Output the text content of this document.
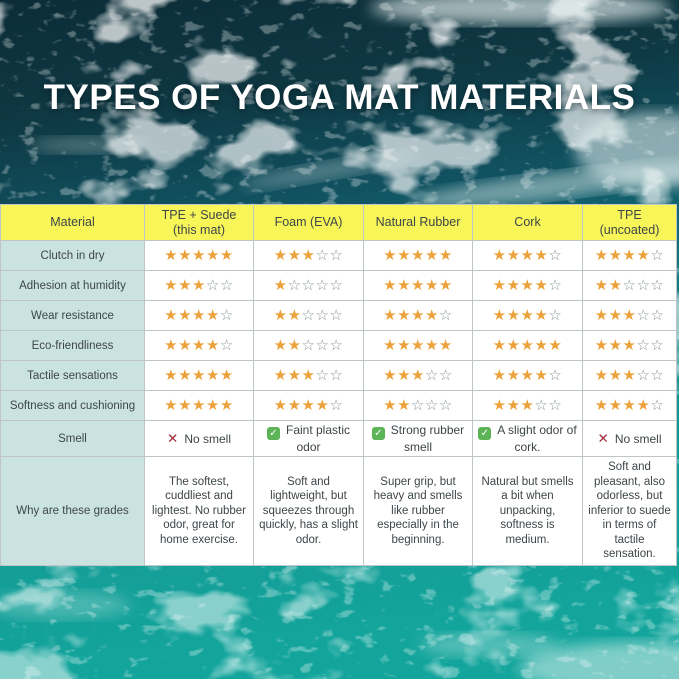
TYPES OF YOGA MAT MATERIALS
Material	TPE + Suede (this mat)	Foam (EVA)	Natural Rubber	Cork	TPE (uncoated)
Clutch in dry	★★★★★	★★★☆☆	★★★★★	★★★★☆	★★★★☆
Adhesion at humidity	★★★☆☆	★☆☆☆☆	★★★★★	★★★★☆	★★☆☆☆
Wear resistance	★★★★☆	★★☆☆☆	★★★★☆	★★★★☆	★★★☆☆
Eco-friendliness	★★★★☆	★★☆☆☆	★★★★★	★★★★★	★★★☆☆
Tactile sensations	★★★★★	★★★☆☆	★★★☆☆	★★★★☆	★★★☆☆
Softness and cushioning	★★★★★	★★★★☆	★★☆☆☆	★★★☆☆	★★★★☆
Smell	✕ No smell	✓ Faint plastic odor	✓ Strong rubber smell	✓ A slight odor of cork.	✕ No smell
Why are these grades	The softest, cuddliest and lightest. No rubber odor, great for home exercise.	Soft and lightweight, but squeezes through quickly, has a slight odor.	Super grip, but heavy and smells like rubber especially in the beginning.	Natural but smells a bit when unpacking, softness is medium.	Soft and pleasant, also odorless, but inferior to suede in terms of tactile sensation.
